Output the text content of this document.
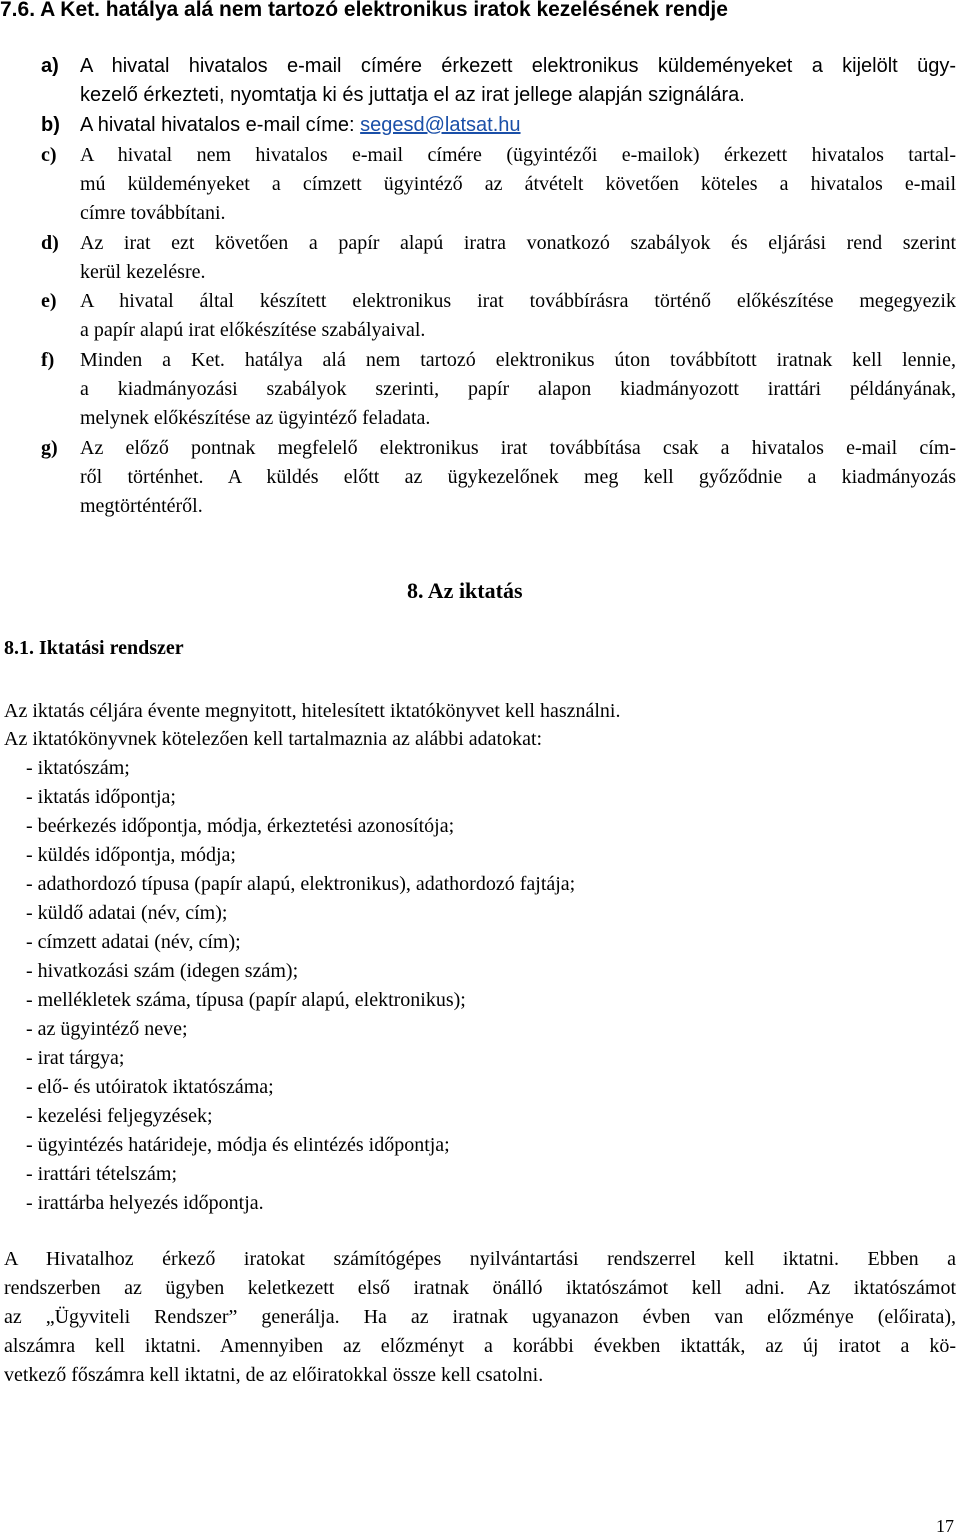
7.6. A Ket. hatálya alá nem tartozó elektronikus iratok kezelésének rendje
a)	A hivatal hivatalos e-mail címére érkezett elektronikus küldeményeket a kijelölt ügy-
kezelő érkezteti, nyomtatja ki és juttatja el az irat jellege alapján szignálára.
b)	A hivatal hivatalos e-mail címe: segesd@latsat.hu
c)	A hivatal nem hivatalos e-mail címére (ügyintézői e-mailok) érkezett hivatalos tartal-
mú küldeményeket a címzett ügyintéző az átvételt követően köteles a hivatalos e-mail
címre továbbítani.
d)	Az irat ezt követően a papír alapú iratra vonatkozó szabályok és eljárási rend szerint
kerül kezelésre.
e)	A hivatal által készített elektronikus irat továbbírásra történő előkészítése megegyezik
a papír alapú irat előkészítése szabályaival.
f)	Minden a Ket. hatálya alá nem tartozó elektronikus úton továbbított iratnak kell lennie,
a kiadmányozási szabályok szerinti, papír alapon kiadmányozott irattári példányának,
melynek előkészítése az ügyintéző feladata.
g)	Az előző pontnak megfelelő elektronikus irat továbbítása csak a hivatalos e-mail cím-
ről történhet. A küldés előtt az ügykezelőnek meg kell győződnie a kiadmányozás
megtörténtéről.
8. Az iktatás
8.1. Iktatási rendszer
Az iktatás céljára évente megnyitott, hitelesített iktatókönyvet kell használni.
Az iktatókönyvnek kötelezően kell tartalmaznia az alábbi adatokat:
- iktatószám;
- iktatás időpontja;
- beérkezés időpontja, módja, érkeztetési azonosítója;
- küldés időpontja, módja;
- adathordozó típusa (papír alapú, elektronikus), adathordozó fajtája;
- küldő adatai (név, cím);
- címzett adatai (név, cím);
- hivatkozási szám (idegen szám);
- mellékletek száma, típusa (papír alapú, elektronikus);
- az ügyintéző neve;
- irat tárgya;
- elő- és utóiratok iktatószáma;
- kezelési feljegyzések;
- ügyintézés határideje, módja és elintézés időpontja;
- irattári tételszám;
- irattárba helyezés időpontja.
A Hivatalhoz érkező iratokat számítógépes nyilvántartási rendszerrel kell iktatni. Ebben a
rendszerben az ügyben keletkezett első iratnak önálló iktatószámot kell adni. Az iktatószámot
az „Ügyviteli Rendszer” generálja. Ha az iratnak ugyanazon évben van előzménye (előirata),
alszámra kell iktatni. Amennyiben az előzményt a korábbi években iktatták, az új iratot a kö-
vetkező főszámra kell iktatni, de az előiratokkal össze kell csatolni.
17
